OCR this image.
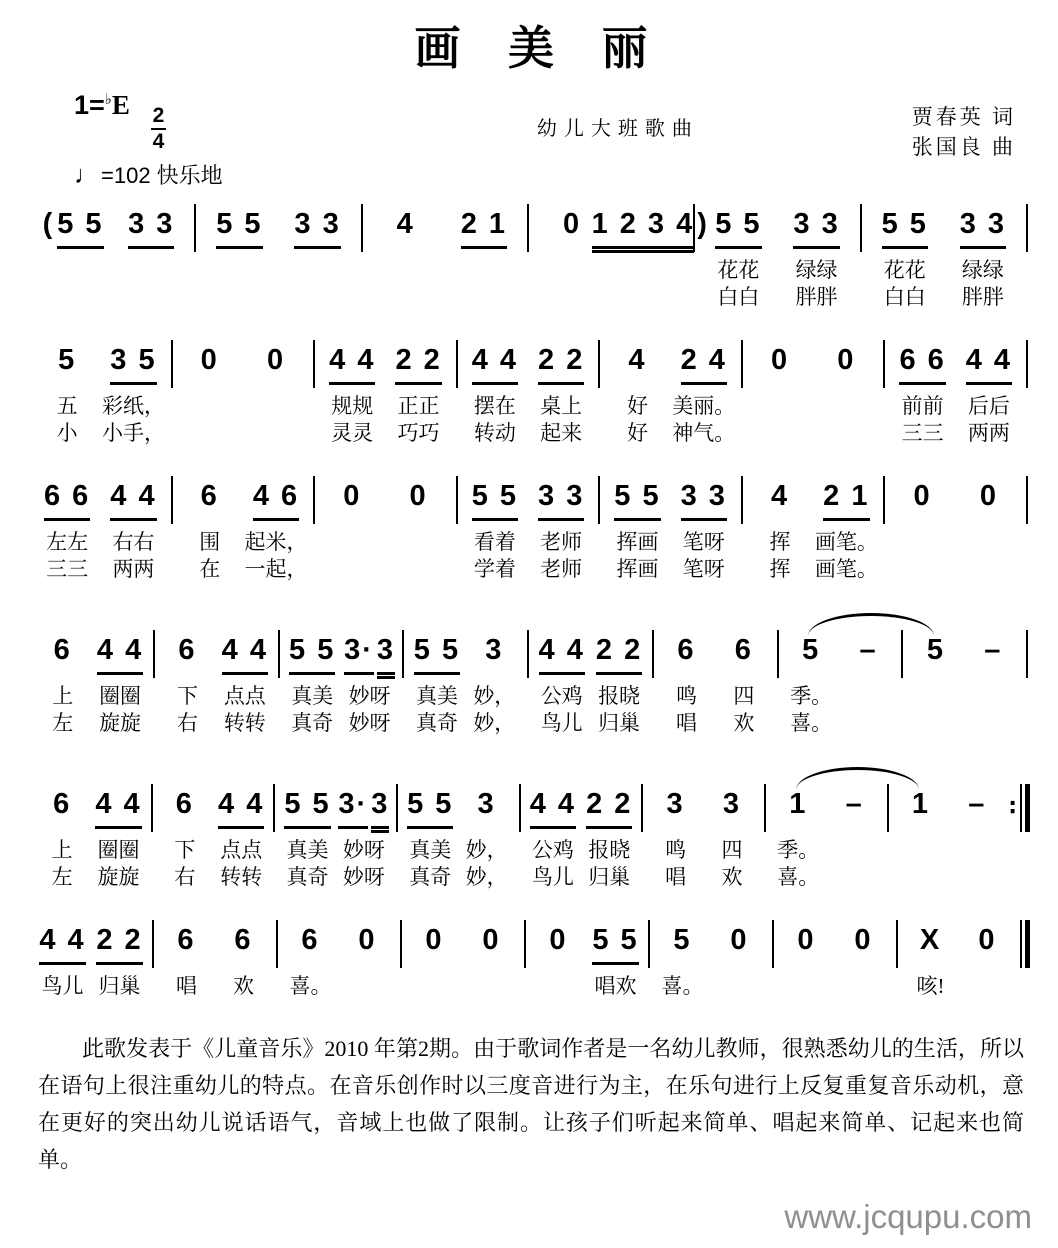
画 美 丽
$1=^♭E \frac{2}{4}$
♩=102 快乐地
幼儿大班歌曲	贾春英 词
张国良 曲
( 5 5

3 3

5 5

3 3

4

2 1

0

1 2 3 4 )

5 5
花花
白白
3 3
绿绿
胖胖
5 5
花花
白白
3 3
绿绿
胖胖
5
五
小
3 5
彩纸，
小手，
0

0

4 4
规规
灵灵
2 2
正正
巧巧
4 4
摆在
转动
2 2
桌上
起来
4
好
好
2 4
美丽。
神气。
0

0

6 6
前前
三三
4 4
后后
两两
6 6
左左
三三
4 4
右右
两两
6
围
在
4 6
起米，
一起，
0

0

5 5
看着
学着
3 3
老师
老师
5 5
挥画
挥画
3 3
笔呀
笔呀
4
挥
挥
2 1
画笔。
画笔。
0

0

6
上
左
4 4
圈圈
旋旋
6
下
右
4 4
点点
转转
5 5
真美
真奇
3· 3
妙呀
妙呀
5 5
真美
真奇
3
妙，
妙，
4 4
公鸡
鸟儿
2 2
报晓
归巢
6
鸣
唱
6
四
欢
5
季。
喜。
–

5

–

6
上
左
4 4
圈圈
旋旋
6
下
右
4 4
点点
转转
5 5
真美
真奇
3· 3
妙呀
妙呀
5 5
真美
真奇
3
妙，
妙，
4 4
公鸡
鸟儿
2 2
报晓
归巢
3
鸣
唱
3
四
欢
1
季。
喜。
–

1

–

∶
4 4
鸟儿
2 2
归巢
6
唱
6
欢
6
喜。
0
0
0
0
5 5
唱欢
5
喜。
0
0
0
X
咳!
0

此歌发表于《儿童音乐》2010 年第2期。由于歌词作者是一名幼儿教师，很熟悉幼儿的生活，所以在语句上很注重幼儿的特点。在音乐创作时以三度音进行为主，在乐句进行上反复重复音乐动机，意在更好的突出幼儿说话语气，音域上也做了限制。让孩子们听起来简单、唱起来简单、记起来也简单。

www.jcqupu.com
